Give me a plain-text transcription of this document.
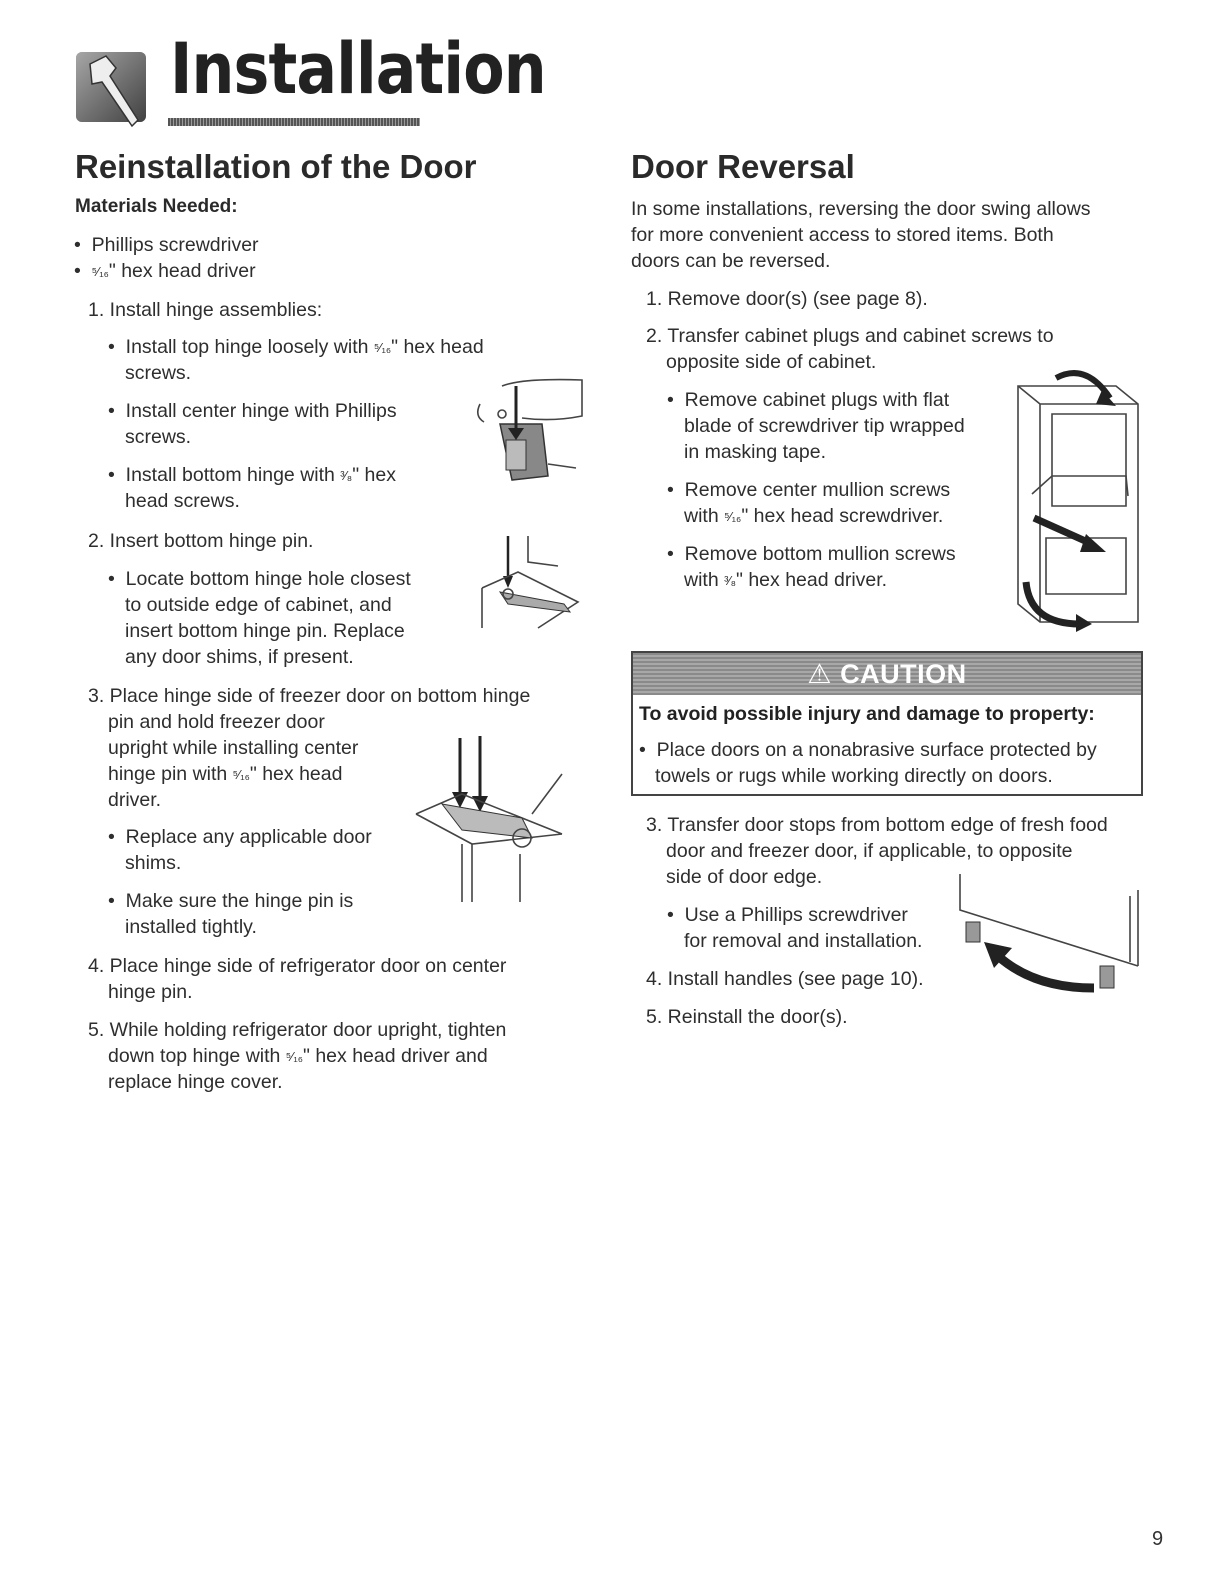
Installation
Reinstallation of the Door
Materials Needed:

•  Phillips screwdriver

•  ⁵⁄₁₆" hex head driver

1. Install hinge assemblies:

•  Install top hinge loosely with ⁵⁄₁₆" hex head

screws.

•  Install center hinge with Phillips

screws.

•  Install bottom hinge with ³⁄₈" hex

head screws.

2. Insert bottom hinge pin.

•  Locate bottom hinge hole closest

to outside edge of cabinet, and

insert bottom hinge pin. Replace

any door shims, if present.

3. Place hinge side of freezer door on bottom hinge

pin and hold freezer door

upright while installing center

hinge pin with ⁵⁄₁₆" hex head

driver.

•  Replace any applicable door

shims.

•  Make sure the hinge pin is

installed tightly.

4. Place hinge side of refrigerator door on center

hinge pin.

5. While holding refrigerator door upright, tighten

down top hinge with ⁵⁄₁₆" hex head driver and

replace hinge cover.

Door Reversal

In some installations, reversing the door swing allows

for more convenient access to stored items. Both

doors can be reversed.

1. Remove door(s) (see page 8).

2. Transfer cabinet plugs and cabinet screws to

opposite side of cabinet.

•  Remove cabinet plugs with flat

blade of screwdriver tip wrapped

in masking tape.

•  Remove center mullion screws

with ⁵⁄₁₆" hex head screwdriver.

•  Remove bottom mullion screws

with ³⁄₈" hex head driver.

⚠ CAUTION
To avoid possible injury and damage to property:

•  Place doors on a nonabrasive surface protected by

towels or rugs while working directly on doors.

3. Transfer door stops from bottom edge of fresh food

door and freezer door, if applicable, to opposite

side of door edge.

•  Use a Phillips screwdriver

for removal and installation.

4. Install handles (see page 10).

5. Reinstall the door(s).

9
